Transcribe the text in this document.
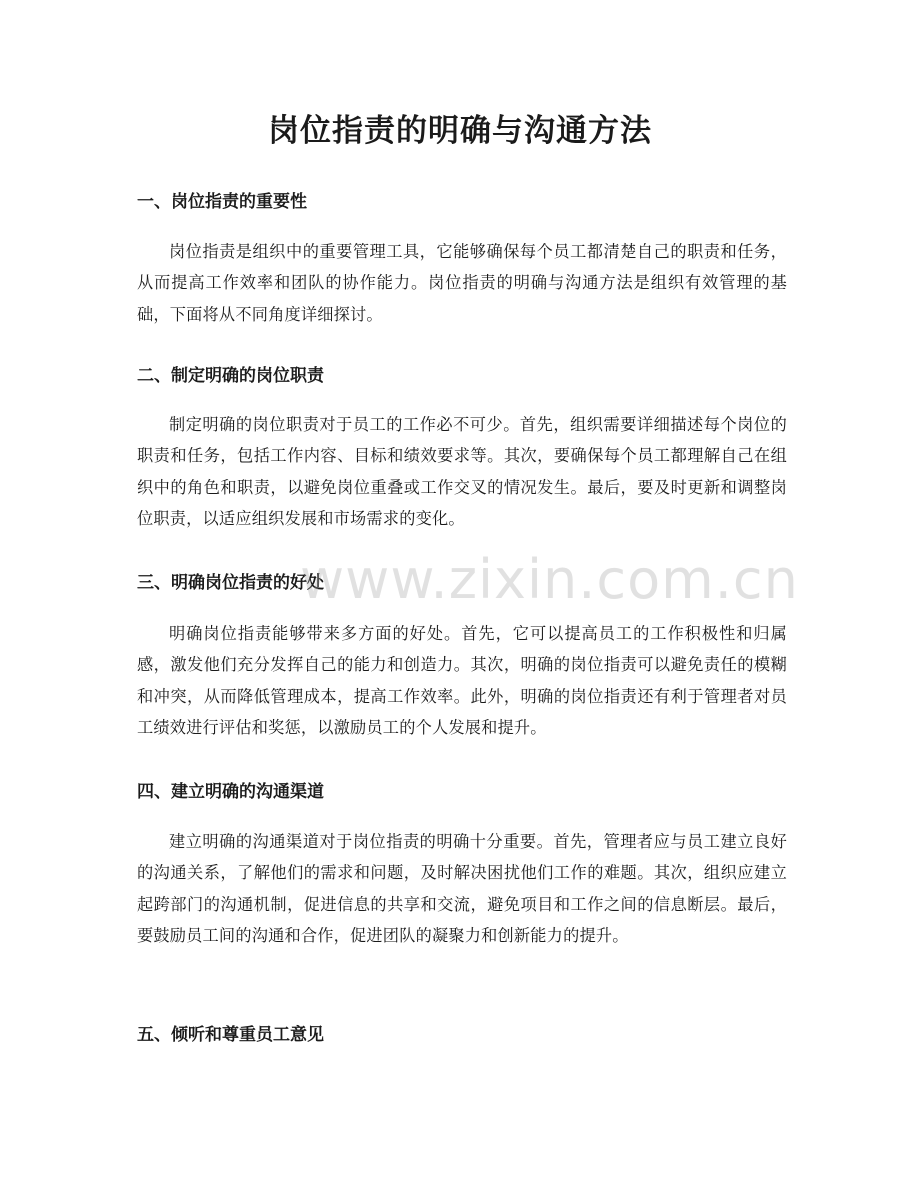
岗位指责的明确与沟通方法
一、岗位指责的重要性

岗位指责是组织中的重要管理工具，它能够确保每个员工都清楚自己的职责和任务，从而提高工作效率和团队的协作能力。岗位指责的明确与沟通方法是组织有效管理的基础，下面将从不同角度详细探讨。

二、制定明确的岗位职责

制定明确的岗位职责对于员工的工作必不可少。首先，组织需要详细描述每个岗位的职责和任务，包括工作内容、目标和绩效要求等。其次，要确保每个员工都理解自己在组织中的角色和职责，以避免岗位重叠或工作交叉的情况发生。最后，要及时更新和调整岗位职责，以适应组织发展和市场需求的变化。

三、明确岗位指责的好处

明确岗位指责能够带来多方面的好处。首先，它可以提高员工的工作积极性和归属感，激发他们充分发挥自己的能力和创造力。其次，明确的岗位指责可以避免责任的模糊和冲突，从而降低管理成本，提高工作效率。此外，明确的岗位指责还有利于管理者对员工绩效进行评估和奖惩，以激励员工的个人发展和提升。

四、建立明确的沟通渠道

建立明确的沟通渠道对于岗位指责的明确十分重要。首先，管理者应与员工建立良好的沟通关系，了解他们的需求和问题，及时解决困扰他们工作的难题。其次，组织应建立起跨部门的沟通机制，促进信息的共享和交流，避免项目和工作之间的信息断层。最后，要鼓励员工间的沟通和合作，促进团队的凝聚力和创新能力的提升。

五、倾听和尊重员工意见
www.zixin.com.cn
